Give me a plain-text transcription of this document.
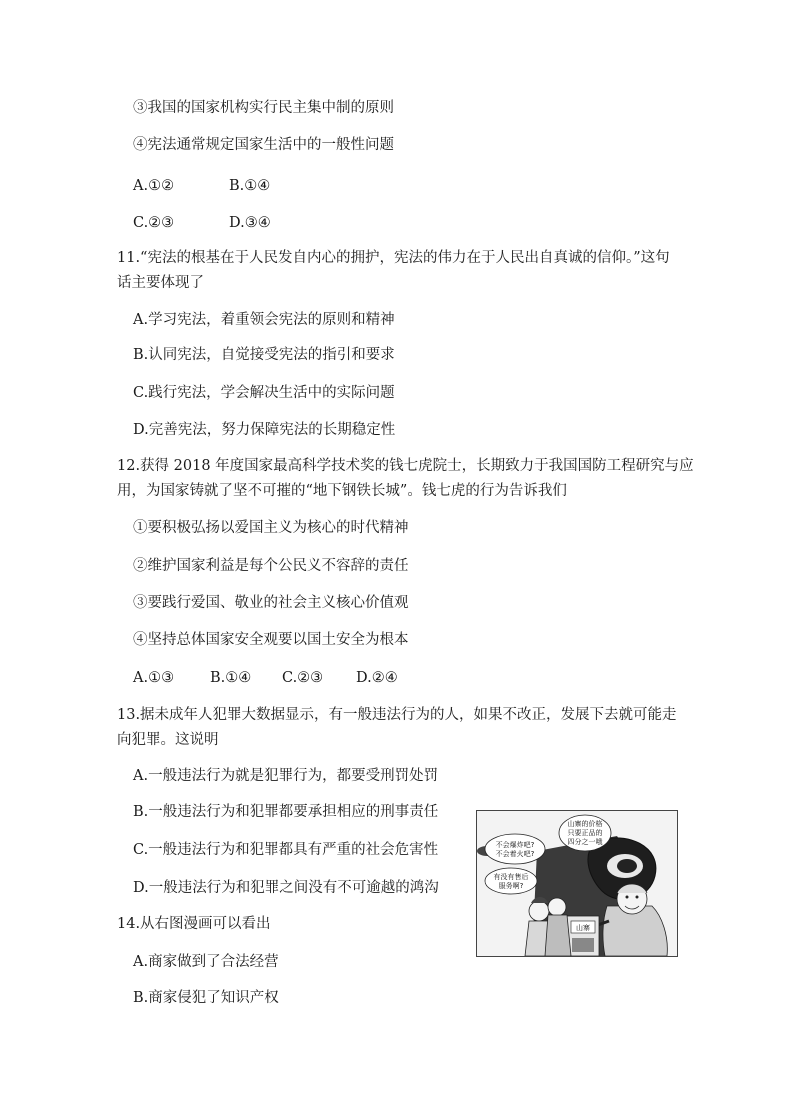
③我国的国家机构实行民主集中制的原则
④宪法通常规定国家生活中的一般性问题
A.①②	B.①④
C.②③	D.③④
11.“宪法的根基在于人民发自内心的拥护，宪法的伟力在于人民出自真诚的信仰。”这句
话主要体现了
A.学习宪法，着重领会宪法的原则和精神
B.认同宪法，自觉接受宪法的指引和要求
C.践行宪法，学会解决生活中的实际问题
D.完善宪法，努力保障宪法的长期稳定性
12.获得 2018 年度国家最高科学技术奖的钱七虎院士，长期致力于我国国防工程研究与应
用，为国家铸就了坚不可摧的“地下钢铁长城”。钱七虎的行为告诉我们
①要积极弘扬以爱国主义为核心的时代精神
②维护国家利益是每个公民义不容辞的责任
③要践行爱国、敬业的社会主义核心价值观
④坚持总体国家安全观要以国土安全为根本
A.①③ B.①④ C.②③ D.②④
13.据未成年人犯罪大数据显示，有一般违法行为的人，如果不改正，发展下去就可能走
向犯罪。这说明
A.一般违法行为就是犯罪行为，都要受刑罚处罚
B.一般违法行为和犯罪都要承担相应的刑事责任
C.一般违法行为和犯罪都具有严重的社会危害性
D.一般违法行为和犯罪之间没有不可逾越的鸿沟
14.从右图漫画可以看出
A.商家做到了合法经营
B.商家侵犯了知识产权
不会爆炸吧?
不会着火吧?
有没有售后
服务啊?
山寨的价格
只要正品的
四分之一哦
山寨
